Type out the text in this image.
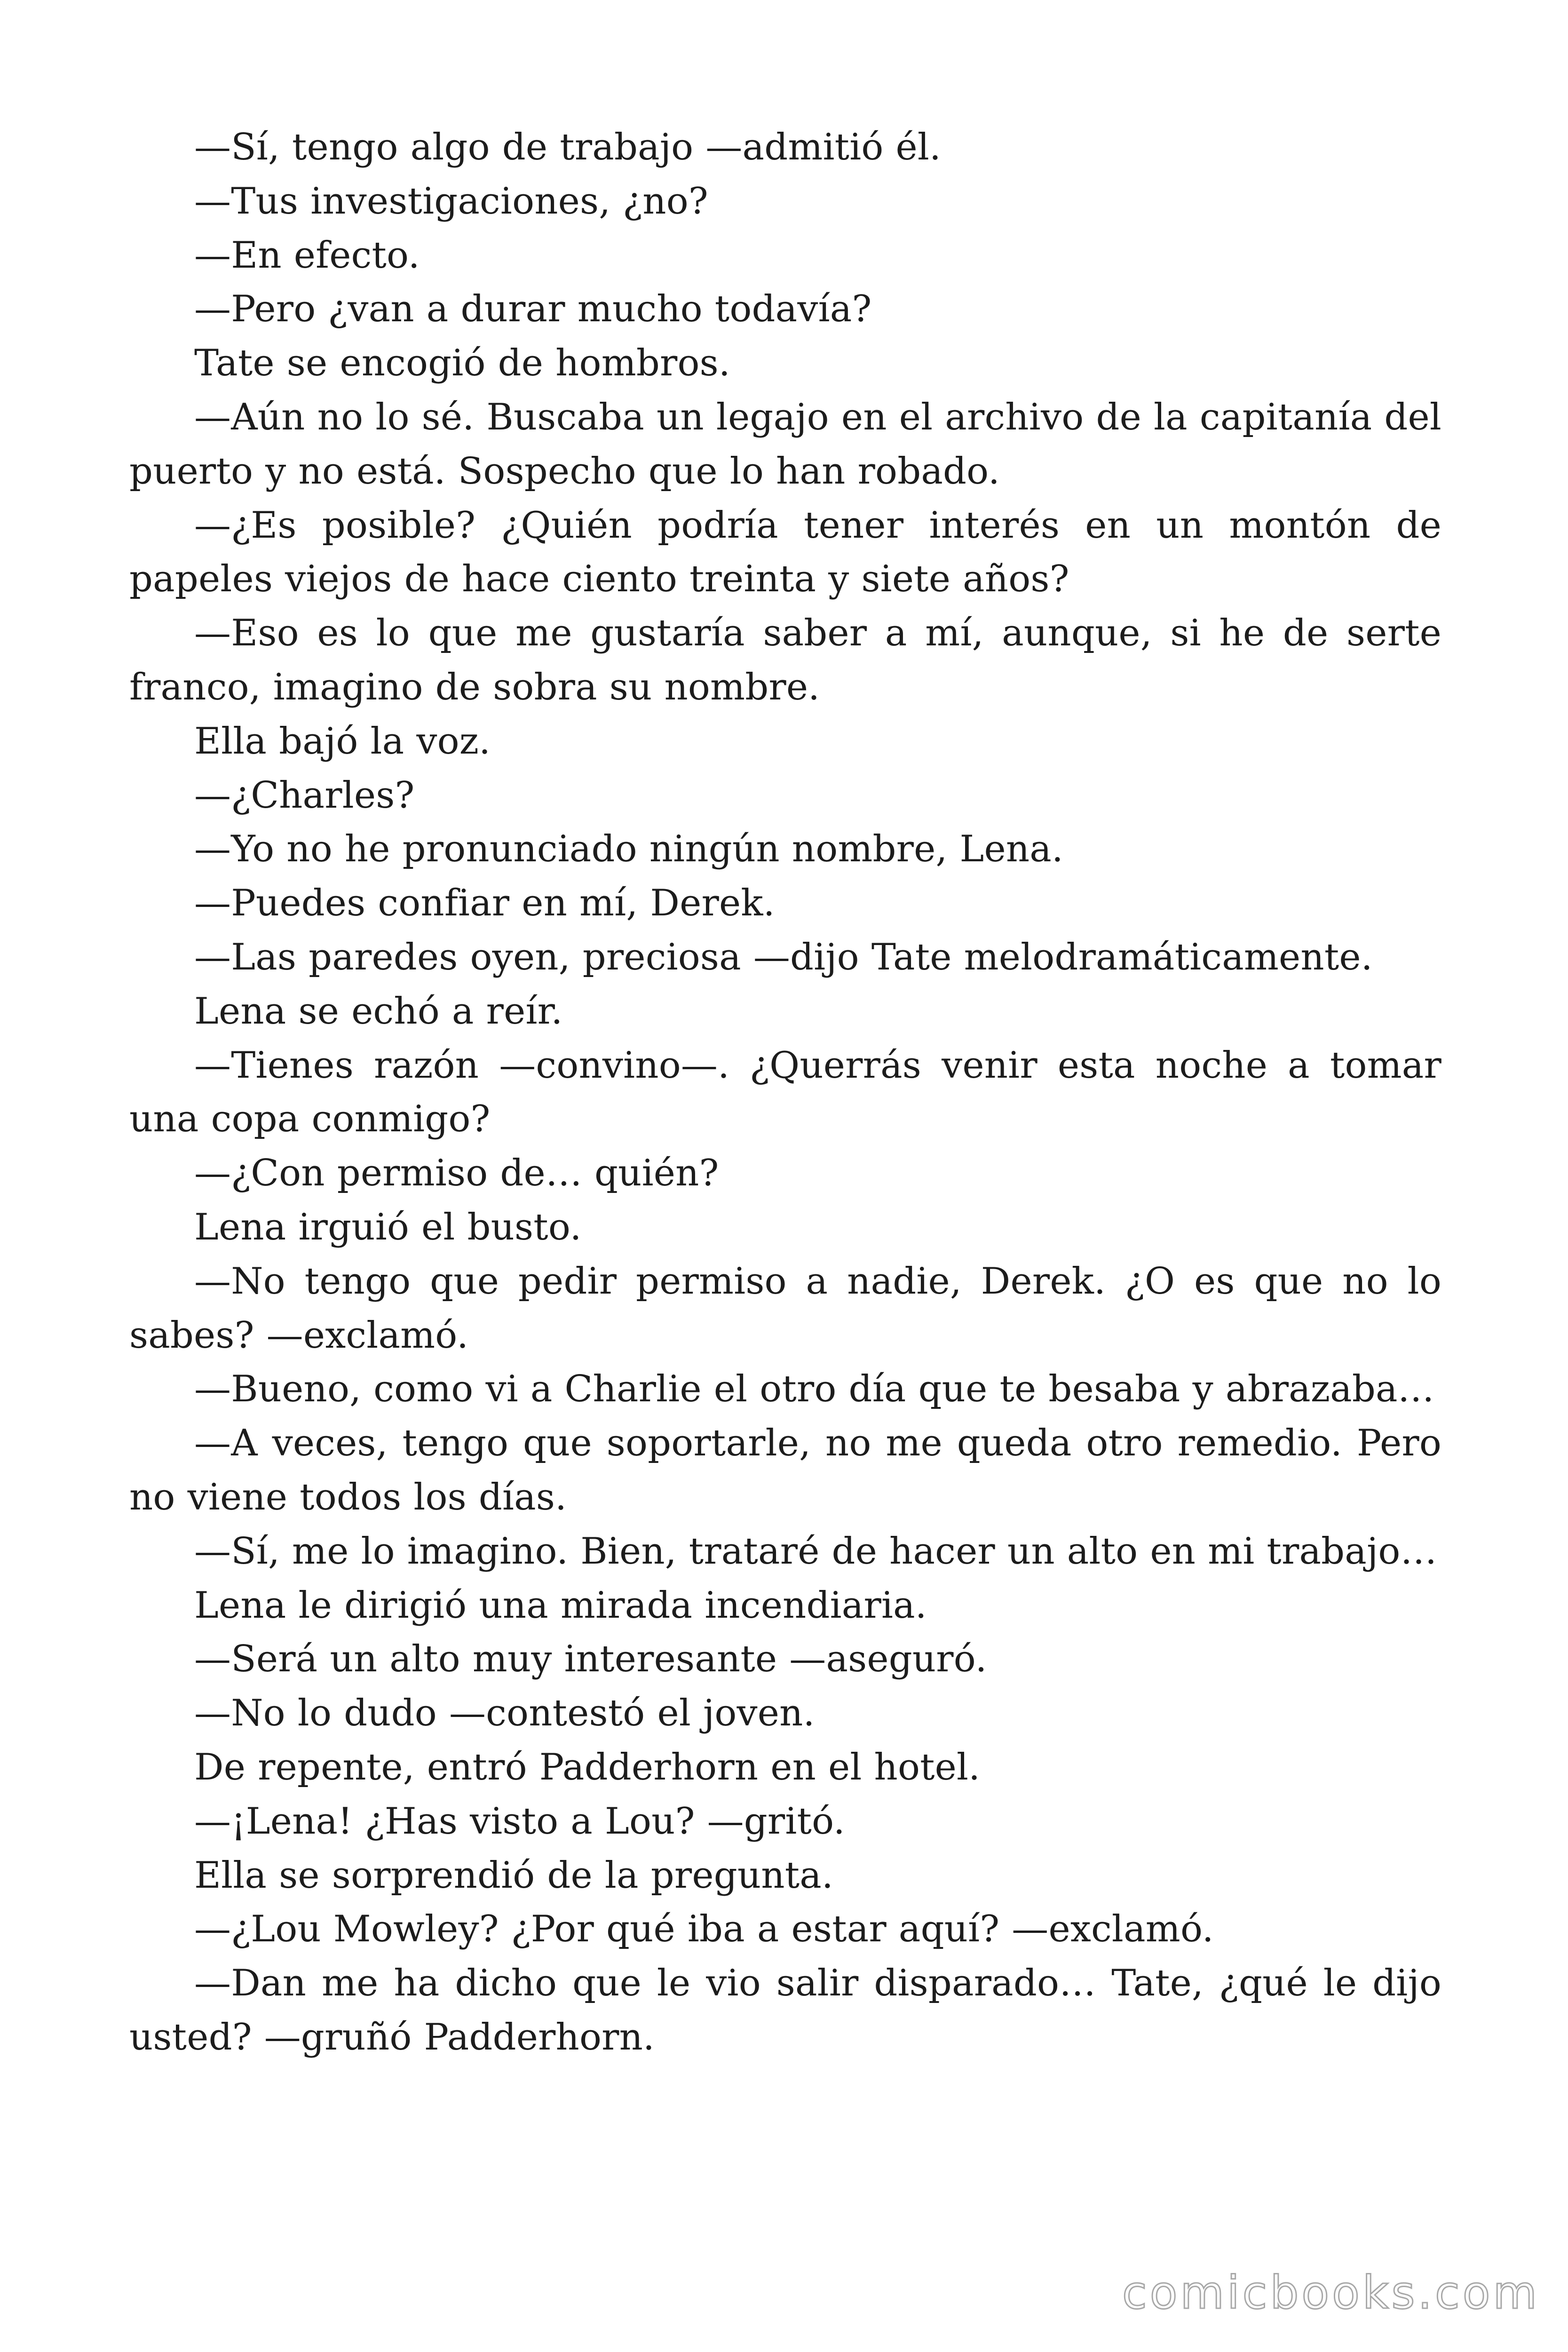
—Sí, tengo algo de trabajo —admitió él.

—Tus investigaciones, ¿no?

—En efecto.

—Pero ¿van a durar mucho todavía?

Tate se encogió de hombros.

—Aún no lo sé. Buscaba un legajo en el archivo de la capitanía del puerto y no está. Sospecho que lo han robado.

—¿Es posible? ¿Quién podría tener interés en un montón de papeles viejos de hace ciento treinta y siete años?

—Eso es lo que me gustaría saber a mí, aunque, si he de serte franco, imagino de sobra su nombre.

Ella bajó la voz.

—¿Charles?

—Yo no he pronunciado ningún nombre, Lena.

—Puedes confiar en mí, Derek.

—Las paredes oyen, preciosa —dijo Tate melodramáticamente.

Lena se echó a reír.

—Tienes razón —convino—. ¿Querrás venir esta noche a tomar una copa conmigo?

—¿Con permiso de… quién?

Lena irguió el busto.

—No tengo que pedir permiso a nadie, Derek. ¿O es que no lo sabes? —exclamó.

—Bueno, como vi a Charlie el otro día que te besaba y abrazaba…

—A veces, tengo que soportarle, no me queda otro remedio. Pero no viene todos los días.

—Sí, me lo imagino. Bien, trataré de hacer un alto en mi trabajo…

Lena le dirigió una mirada incendiaria.

—Será un alto muy interesante —aseguró.

—No lo dudo —contestó el joven.

De repente, entró Padderhorn en el hotel.

—¡Lena! ¿Has visto a Lou? —gritó.

Ella se sorprendió de la pregunta.

—¿Lou Mowley? ¿Por qué iba a estar aquí? —exclamó.

—Dan me ha dicho que le vio salir disparado… Tate, ¿qué le dijo usted? —gruñó Padderhorn.

comicbooks.com
